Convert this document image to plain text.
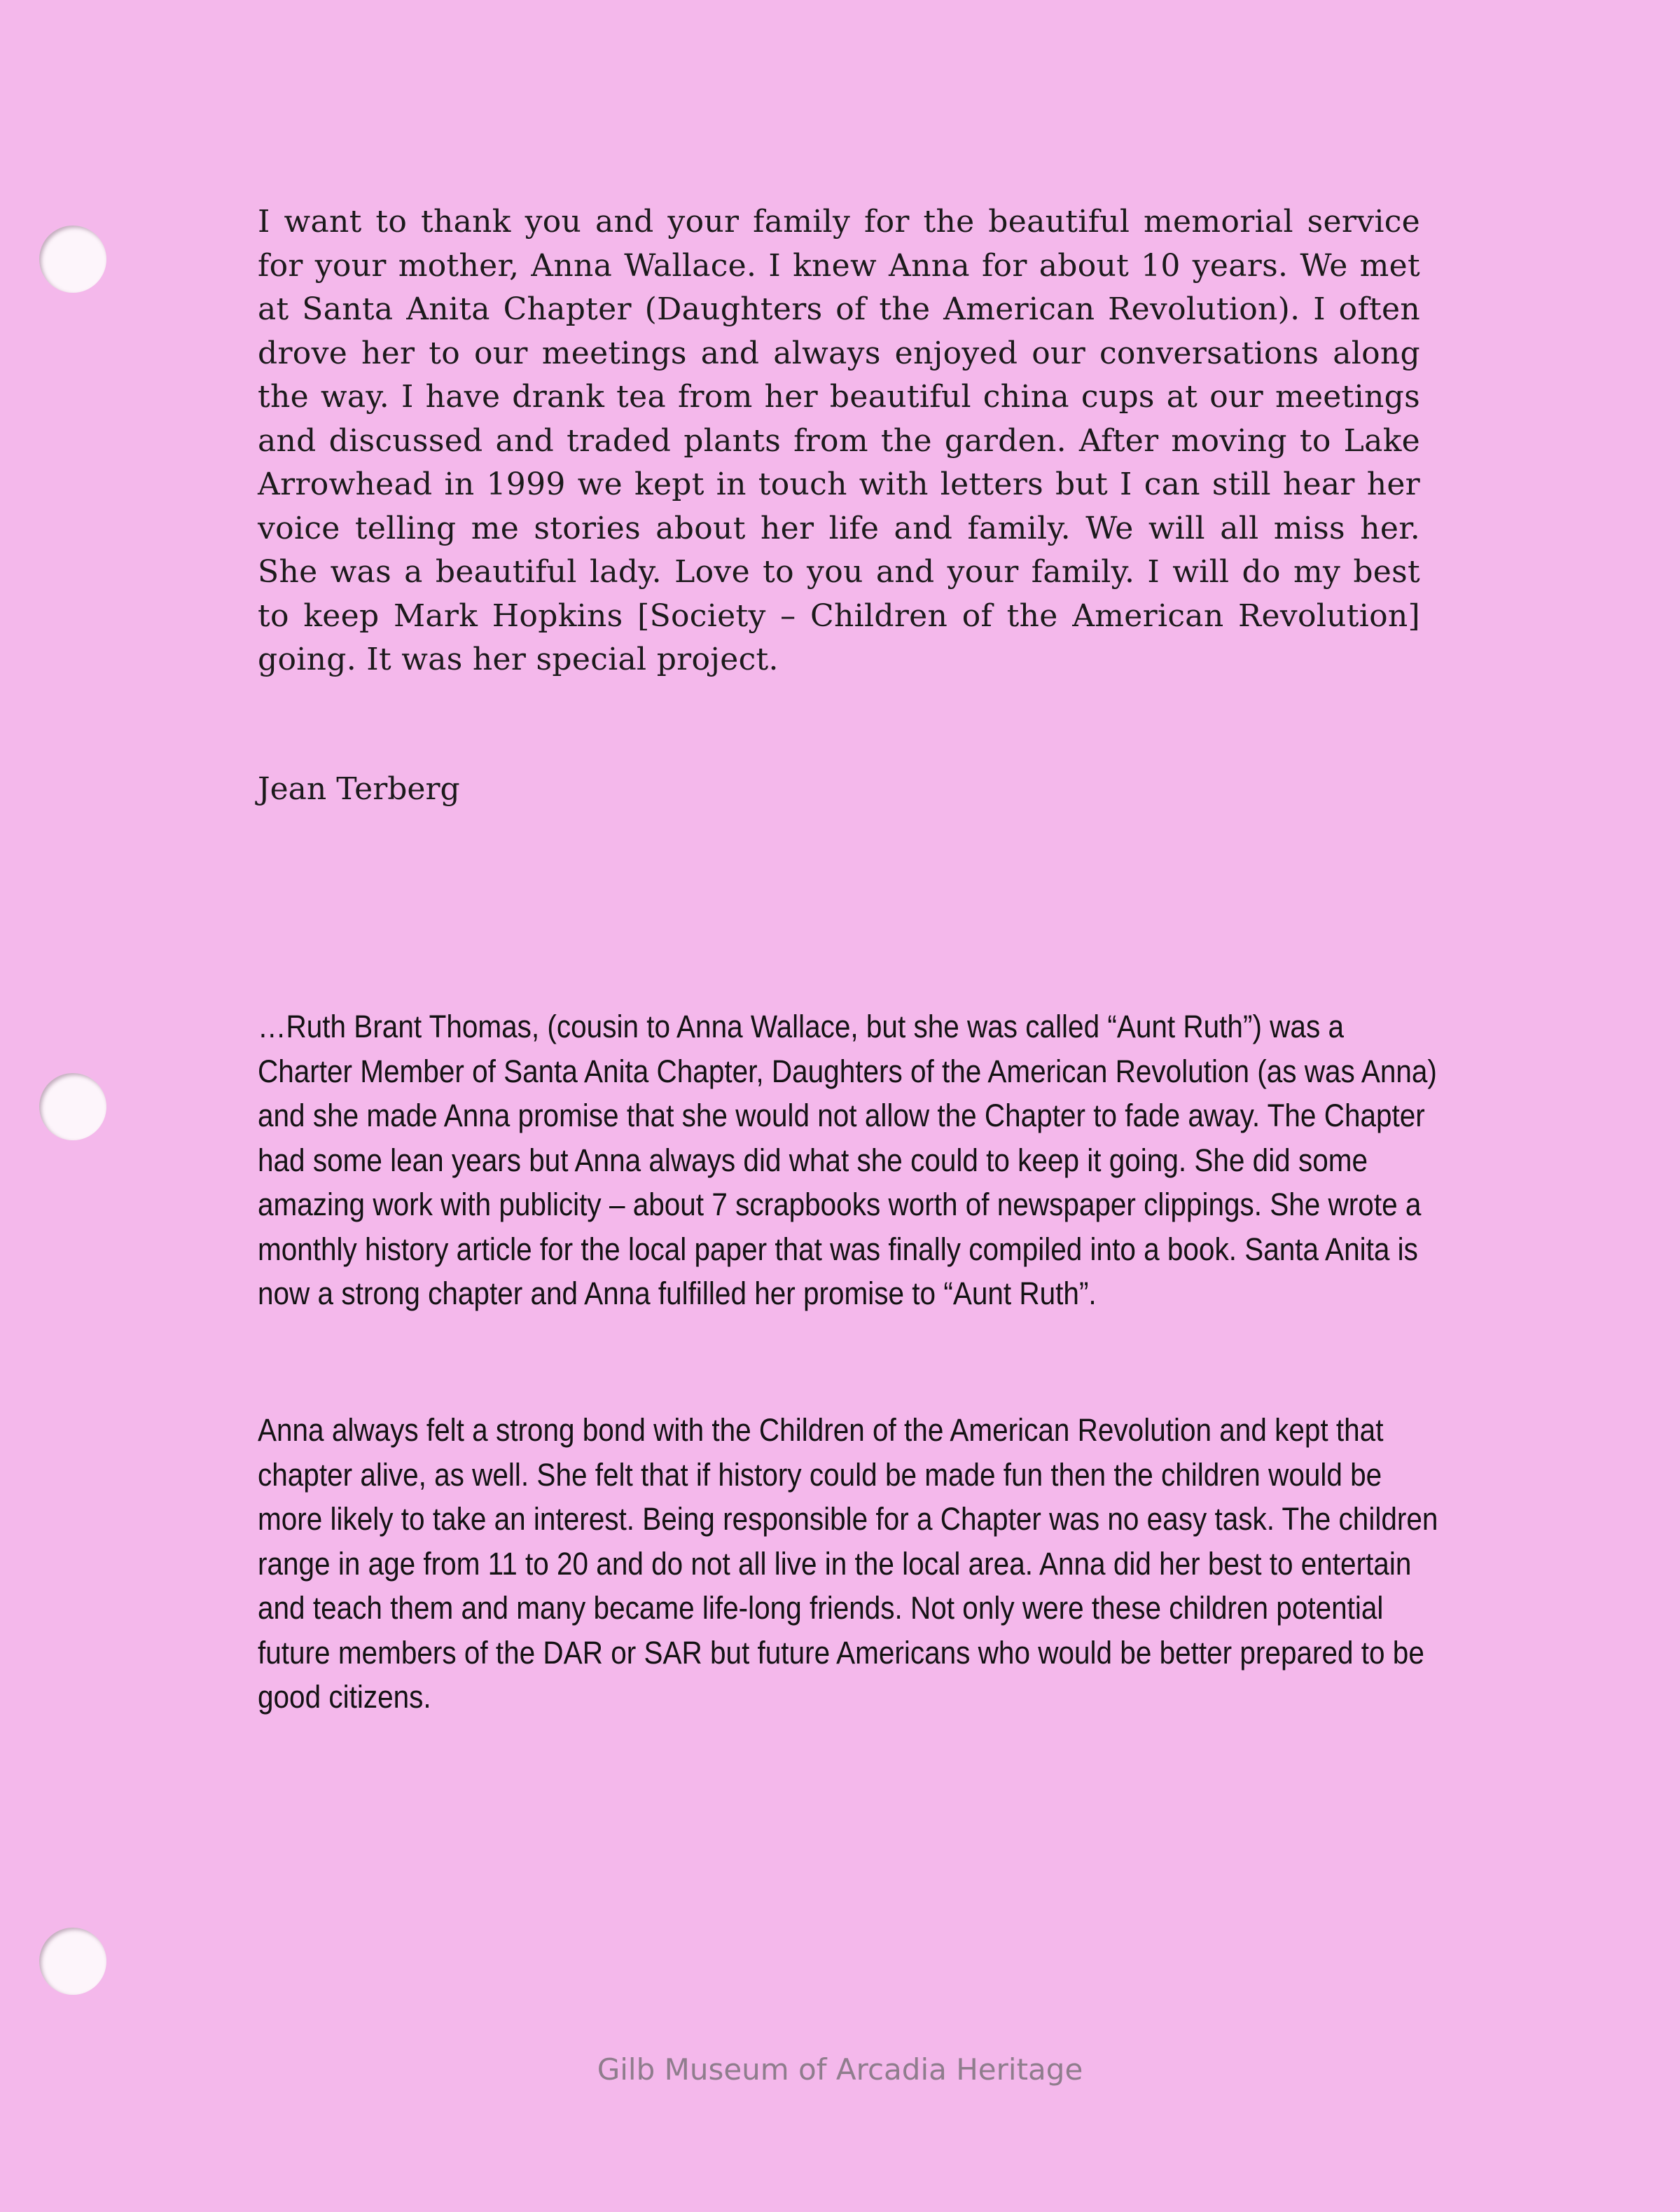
I want to thank you and your family for the beautiful memorial service for your mother, Anna Wallace. I knew Anna for about 10 years. We met at Santa Anita Chapter (Daughters of the American Revolution). I often drove her to our meetings and always enjoyed our conversations along the way. I have drank tea from her beautiful china cups at our meetings and discussed and traded plants from the garden. After moving to Lake Arrowhead in 1999 we kept in touch with letters but I can still hear her voice telling me stories about her life and family. We will all miss her. She was a beautiful lady. Love to you and your family. I will do my best to keep Mark Hopkins [Society – Children of the American Revolution] going. It was her special project.

Jean Terberg

…Ruth Brant Thomas, (cousin to Anna Wallace, but she was called “Aunt Ruth”) was a Charter Member of Santa Anita Chapter, Daughters of the American Revolution (as was Anna) and she made Anna promise that she would not allow the Chapter to fade away. The Chapter had some lean years but Anna always did what she could to keep it going. She did some amazing work with publicity – about 7 scrapbooks worth of newspaper clippings. She wrote a monthly history article for the local paper that was finally compiled into a book. Santa Anita is now a strong chapter and Anna fulfilled her promise to “Aunt Ruth”.

Anna always felt a strong bond with the Children of the American Revolution and kept that chapter alive, as well. She felt that if history could be made fun then the children would be more likely to take an interest. Being responsible for a Chapter was no easy task. The children range in age from 11 to 20 and do not all live in the local area. Anna did her best to entertain and teach them and many became life-long friends. Not only were these children potential future members of the DAR or SAR but future Americans who would be better prepared to be good citizens.

Gilb Museum of Arcadia Heritage
